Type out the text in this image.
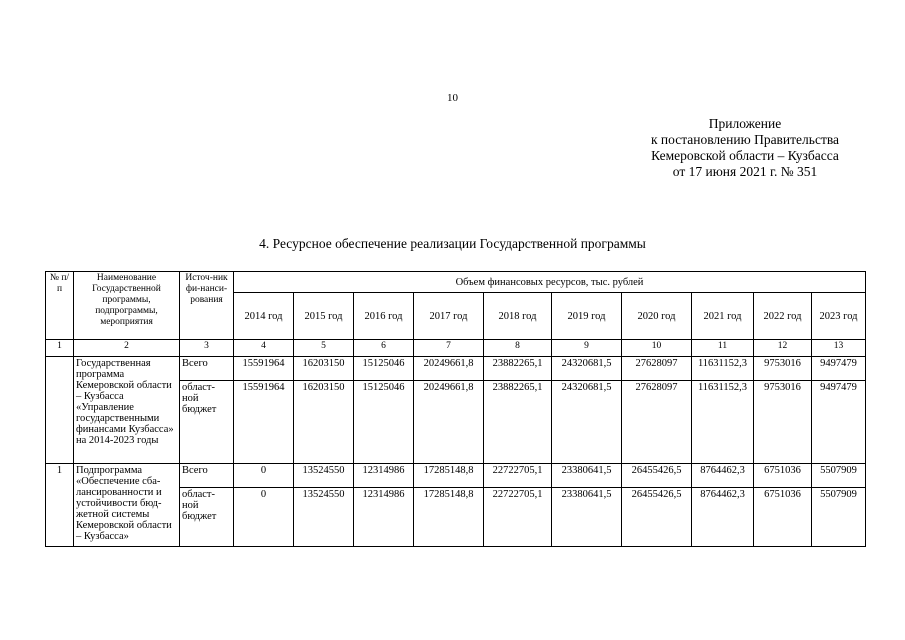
10
Приложение
к постановлению Правительства
Кемеровской области – Кузбасса
от 17 июня 2021 г. № 351
4. Ресурсное обеспечение реализации Государственной программы
№ п/п	Наименование Государственной программы, подпрограммы, мероприятия	Источ-ник фи-нанси-рования	Объем финансовых ресурсов, тыс. рублей									
			2014 год	2015 год	2016 год	2017 год	2018 год	2019 год	2020 год	2021 год	2022 год	2023 год
1	2	3	4	5	6	7	8	9	10	11	12	13
	Государственная программа Кемеровской области – Кузбасса «Управление государственными финансами Кузбасса» на 2014-2023 годы	Всего	15591964	16203150	15125046	20249661,8	23882265,1	24320681,5	27628097	11631152,3	9753016	9497479
		област-ной бюджет	15591964	16203150	15125046	20249661,8	23882265,1	24320681,5	27628097	11631152,3	9753016	9497479
1	Подпрограмма «Обеспечение сба-лансированности и устойчивости бюд-жетной системы Кемеровской области – Кузбасса»	Всего	0	13524550	12314986	17285148,8	22722705,1	23380641,5	26455426,5	8764462,3	6751036	5507909
		област-ной бюджет	0	13524550	12314986	17285148,8	22722705,1	23380641,5	26455426,5	8764462,3	6751036	5507909
